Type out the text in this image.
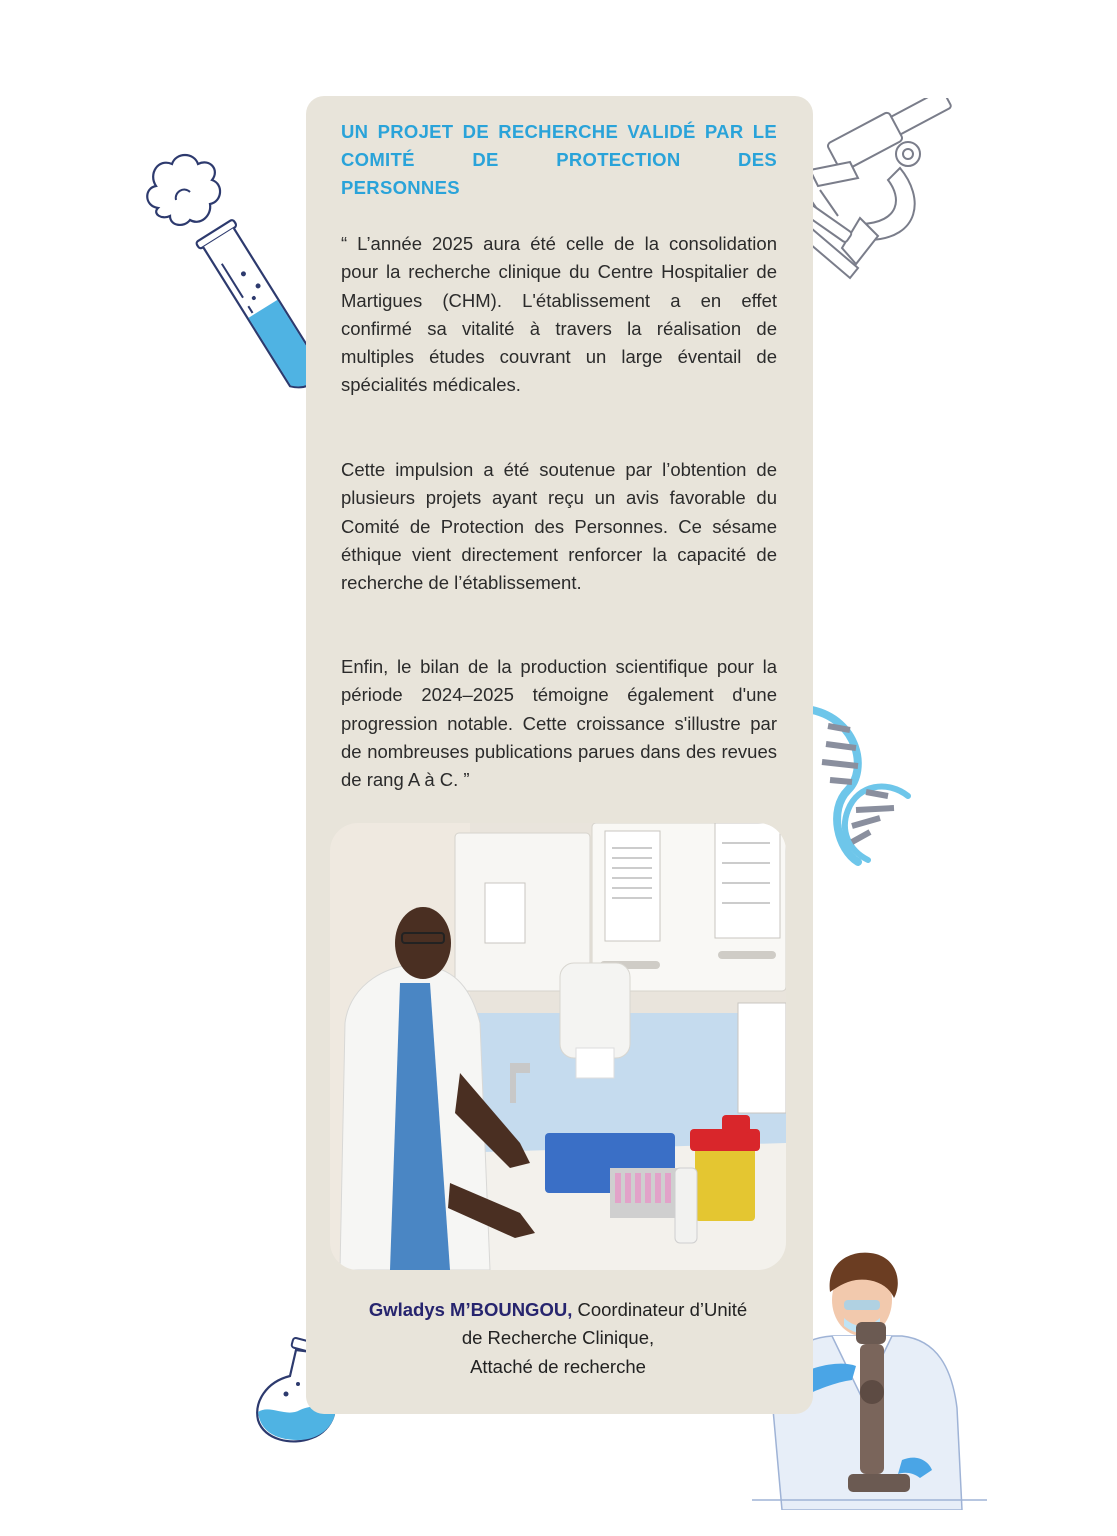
UN PROJET DE RECHERCHE VALIDÉ PAR LE COMITÉ DE PROTECTION DES
PERSONNES

“ L’année 2025 aura été celle de la consolidation pour la recherche clinique du Centre Hospitalier de Martigues (CHM). L'établissement a en effet confirmé sa vitalité à travers la réalisation de multiples études couvrant un large éventail de spécialités médicales.

Cette impulsion a été soutenue par l’obtention de plusieurs projets ayant reçu un avis favorable du Comité de Protection des Personnes. Ce sésame éthique vient directement renforcer la capacité de recherche de l’établissement.

Enfin, le bilan de la production scientifique pour la période 2024–2025 témoigne également d'une progression notable. Cette croissance s'illustre par de nombreuses publications parues dans des revues de rang A à C. ”

Gwladys M’BOUNGOU, Coordinateur d’Unité
de Recherche Clinique,
Attaché de recherche
